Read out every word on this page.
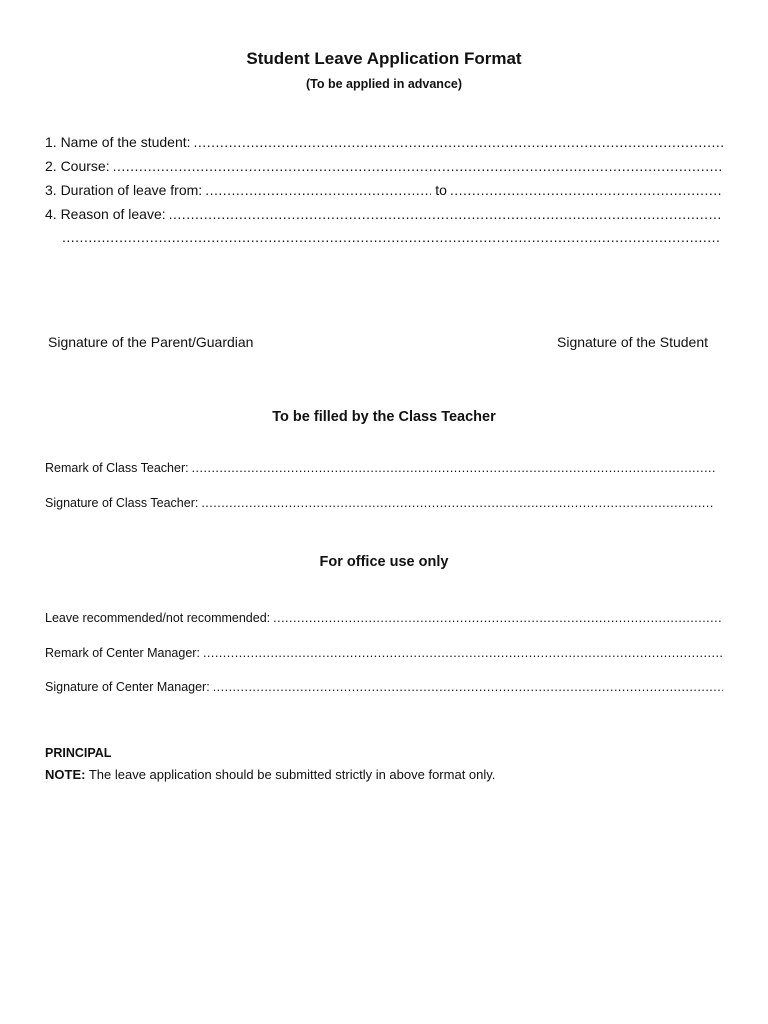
Student Leave Application Format
(To be applied in advance)
1. Name of the student:
.....
2. Course:
.....
3. Duration of leave from:
.....	to
.....
4. Reason of leave:
.....
.....
Signature of the Parent/Guardian	Signature of the Student
To be filled by the Class Teacher
Remark of Class Teacher:
.....
Signature of Class Teacher:
.....
For office use only
Leave recommended/not recommended:
.....
Remark of Center Manager:
.....
Signature of Center Manager:
.....
PRINCIPAL
NOTE: The leave application should be submitted strictly in above format only.
